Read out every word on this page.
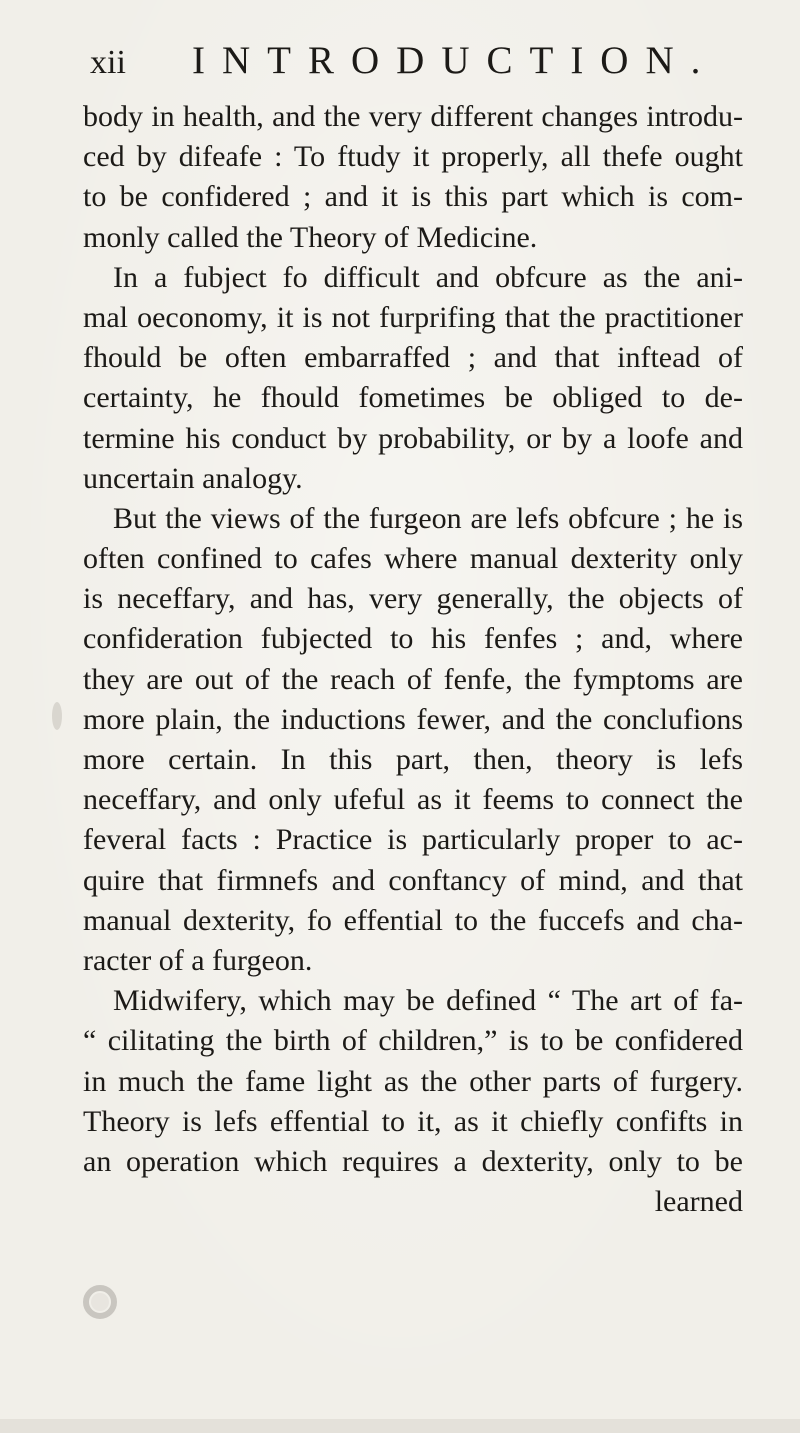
xii	INTRODUCTION.
body in health, and the very different changes introdu-
ced by difeafe : To ftudy it properly, all thefe ought
to be confidered ; and it is this part which is com-
monly called the Theory of Medicine.
In a fubject fo difficult and obfcure as the ani-
mal oeconomy, it is not furprifing that the practitioner
fhould be often embarraffed ; and that inftead of
certainty, he fhould fometimes be obliged to de-
termine his conduct by probability, or by a loofe and
uncertain analogy.
But the views of the furgeon are lefs obfcure ; he is
often confined to cafes where manual dexterity only
is neceffary, and has, very generally, the objects of
confideration fubjected to his fenfes ; and, where
they are out of the reach of fenfe, the fymptoms are
more plain, the inductions fewer, and the conclufions
more certain. In this part, then, theory is lefs
neceffary, and only ufeful as it feems to connect the
feveral facts : Practice is particularly proper to ac-
quire that firmnefs and conftancy of mind, and that
manual dexterity, fo effential to the fuccefs and cha-
racter of a furgeon.
Midwifery, which may be defined “ The art of fa-
“ cilitating the birth of children,” is to be confidered
in much the fame light as the other parts of furgery.
Theory is lefs effential to it, as it chiefly confifts in
an operation which requires a dexterity, only to be
learned
